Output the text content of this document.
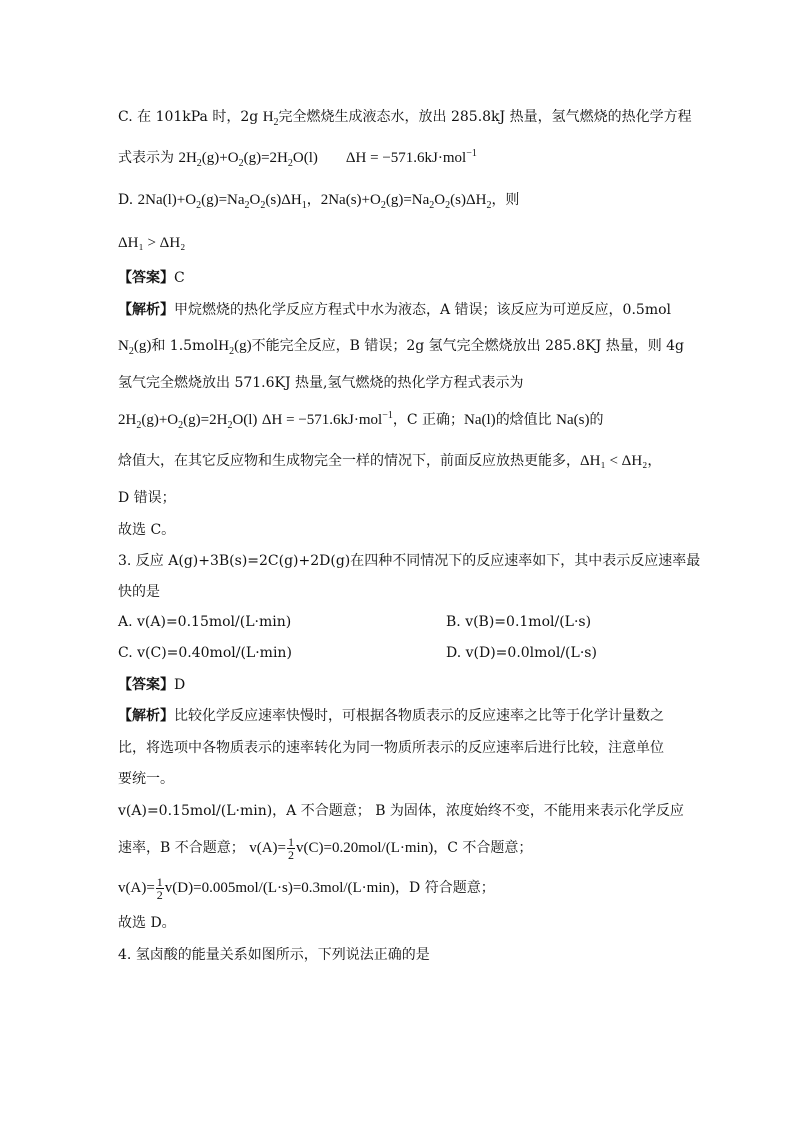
C. 在 101kPa 时，2g $H_2$完全燃烧生成液态水，放出 285.8kJ 热量，氢气燃烧的热化学方程
式表示为 $2H_2(g)+O_2(g)=2H_2O(l) \Delta H = -571.6kJ\cdot mol^{-1}$
D. $2Na(l)+O_2(g)=Na_2O_2(s)\Delta H_1$，$2Na(s)+O_2(g)=Na_2O_2(s)\Delta H_2$，则
ΔH₁ > ΔH₂
【答案】C
【解析】甲烷燃烧的热化学反应方程式中水为液态，A 错误；该反应为可逆反应，0.5mol
$N_2(g)$和 1.5molH$_2$(g)不能完全反应，B 错误；2g 氢气完全燃烧放出 285.8KJ 热量，则 4g
氢气完全燃烧放出 571.6KJ 热量,氢气燃烧的热化学方程式表示为
$2H_2(g)+O_2(g)=2H_2O(l) \Delta H = -571.6kJ\cdot mol^{-1}$，C 正确；Na(l)的焓值比 Na(s)的
焓值大，在其它反应物和生成物完全一样的情况下，前面反应放热更能多，ΔH₁ < ΔH₂，
D 错误；
故选 C。
3. 反应 A(g)+3B(s)=2C(g)+2D(g)在四种不同情况下的反应速率如下，其中表示反应速率最
快的是
A. v(A)=0.15mol/(L·min)	B. v(B)=0.1mol/(L·s)
C. v(C)=0.40mol/(L·min)	D. v(D)=0.0lmol/(L·s)
【答案】D
【解析】比较化学反应速率快慢时，可根据各物质表示的反应速率之比等于化学计量数之
比，将选项中各物质表示的速率转化为同一物质所表示的反应速率后进行比较，注意单位
要统一。
v(A)=0.15mol/(L·min)，A 不合题意； B 为固体，浓度始终不变，不能用来表示化学反应
速率，B 不合题意； $v(A)= \frac{1}{2} v(C)=0.20mol/(L\cdot\min)$，C 不合题意；
$v(A)= \frac{1}{2} v(D)=0.005mol/(L\cdot s)=0.3mol/(L\cdot\min)$，D 符合题意；
故选 D。
4. 氢卤酸的能量关系如图所示，下列说法正确的是
